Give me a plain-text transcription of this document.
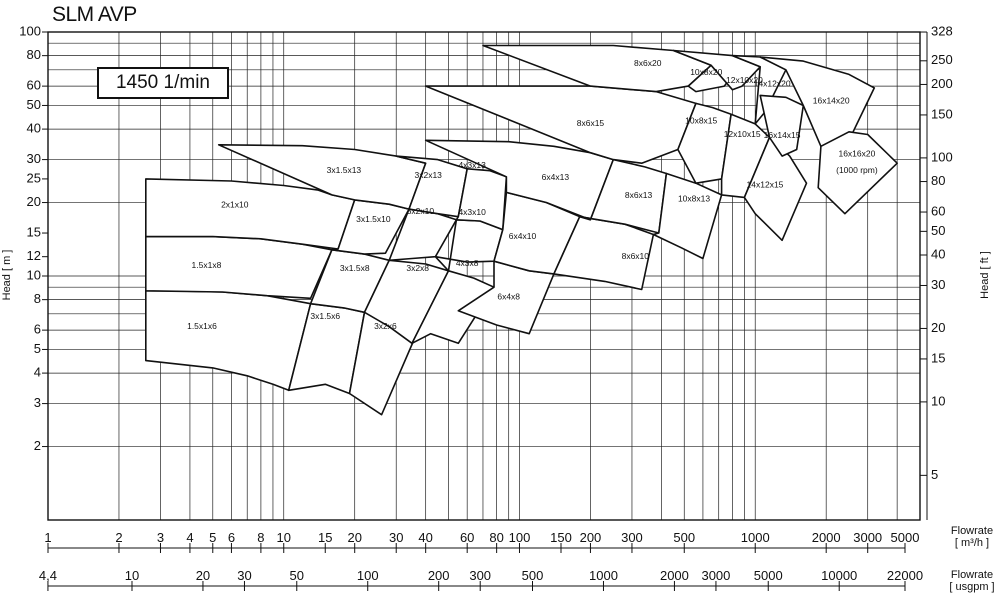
1.5x1x6
1.5x1x8
2x1x10
3x1.5x6
3x1.5x8
3x1.5x10
3x1.5x13
3x2x6
3x2x8
3x2x10
3x2x13
4x3x8
4x3x10
4x3x13
6x4x8
6x4x10
6x4x13
8x6x10
8x6x13
8x6x15
8x6x20
10x8x13
10x8x15
10x8x20
12x10x15
12x10x20
14x12x15
14x12x20
16x14x15
16x14x20
16x16x20
(1000 rpm)
2
3
4
5
6
8
10
12
15
20
25
30
40
50
60
80
100
5
10
15
20
30
40
50
60
80
100
150
200
250
328
Head [ m ]	Head [ ft ]
1	2	3 4 5 6 8 10 15 20 30 40 60 80 100 150 200 300 500	1000	2000 3000 5000
4,4	10	20 30	50	100	200 300 500	1000	2000 3000 5000	10000 22000
Flowrate [ m³/h ]
Flowrate [ usgpm ]
SLM AVP
1450 1/min
